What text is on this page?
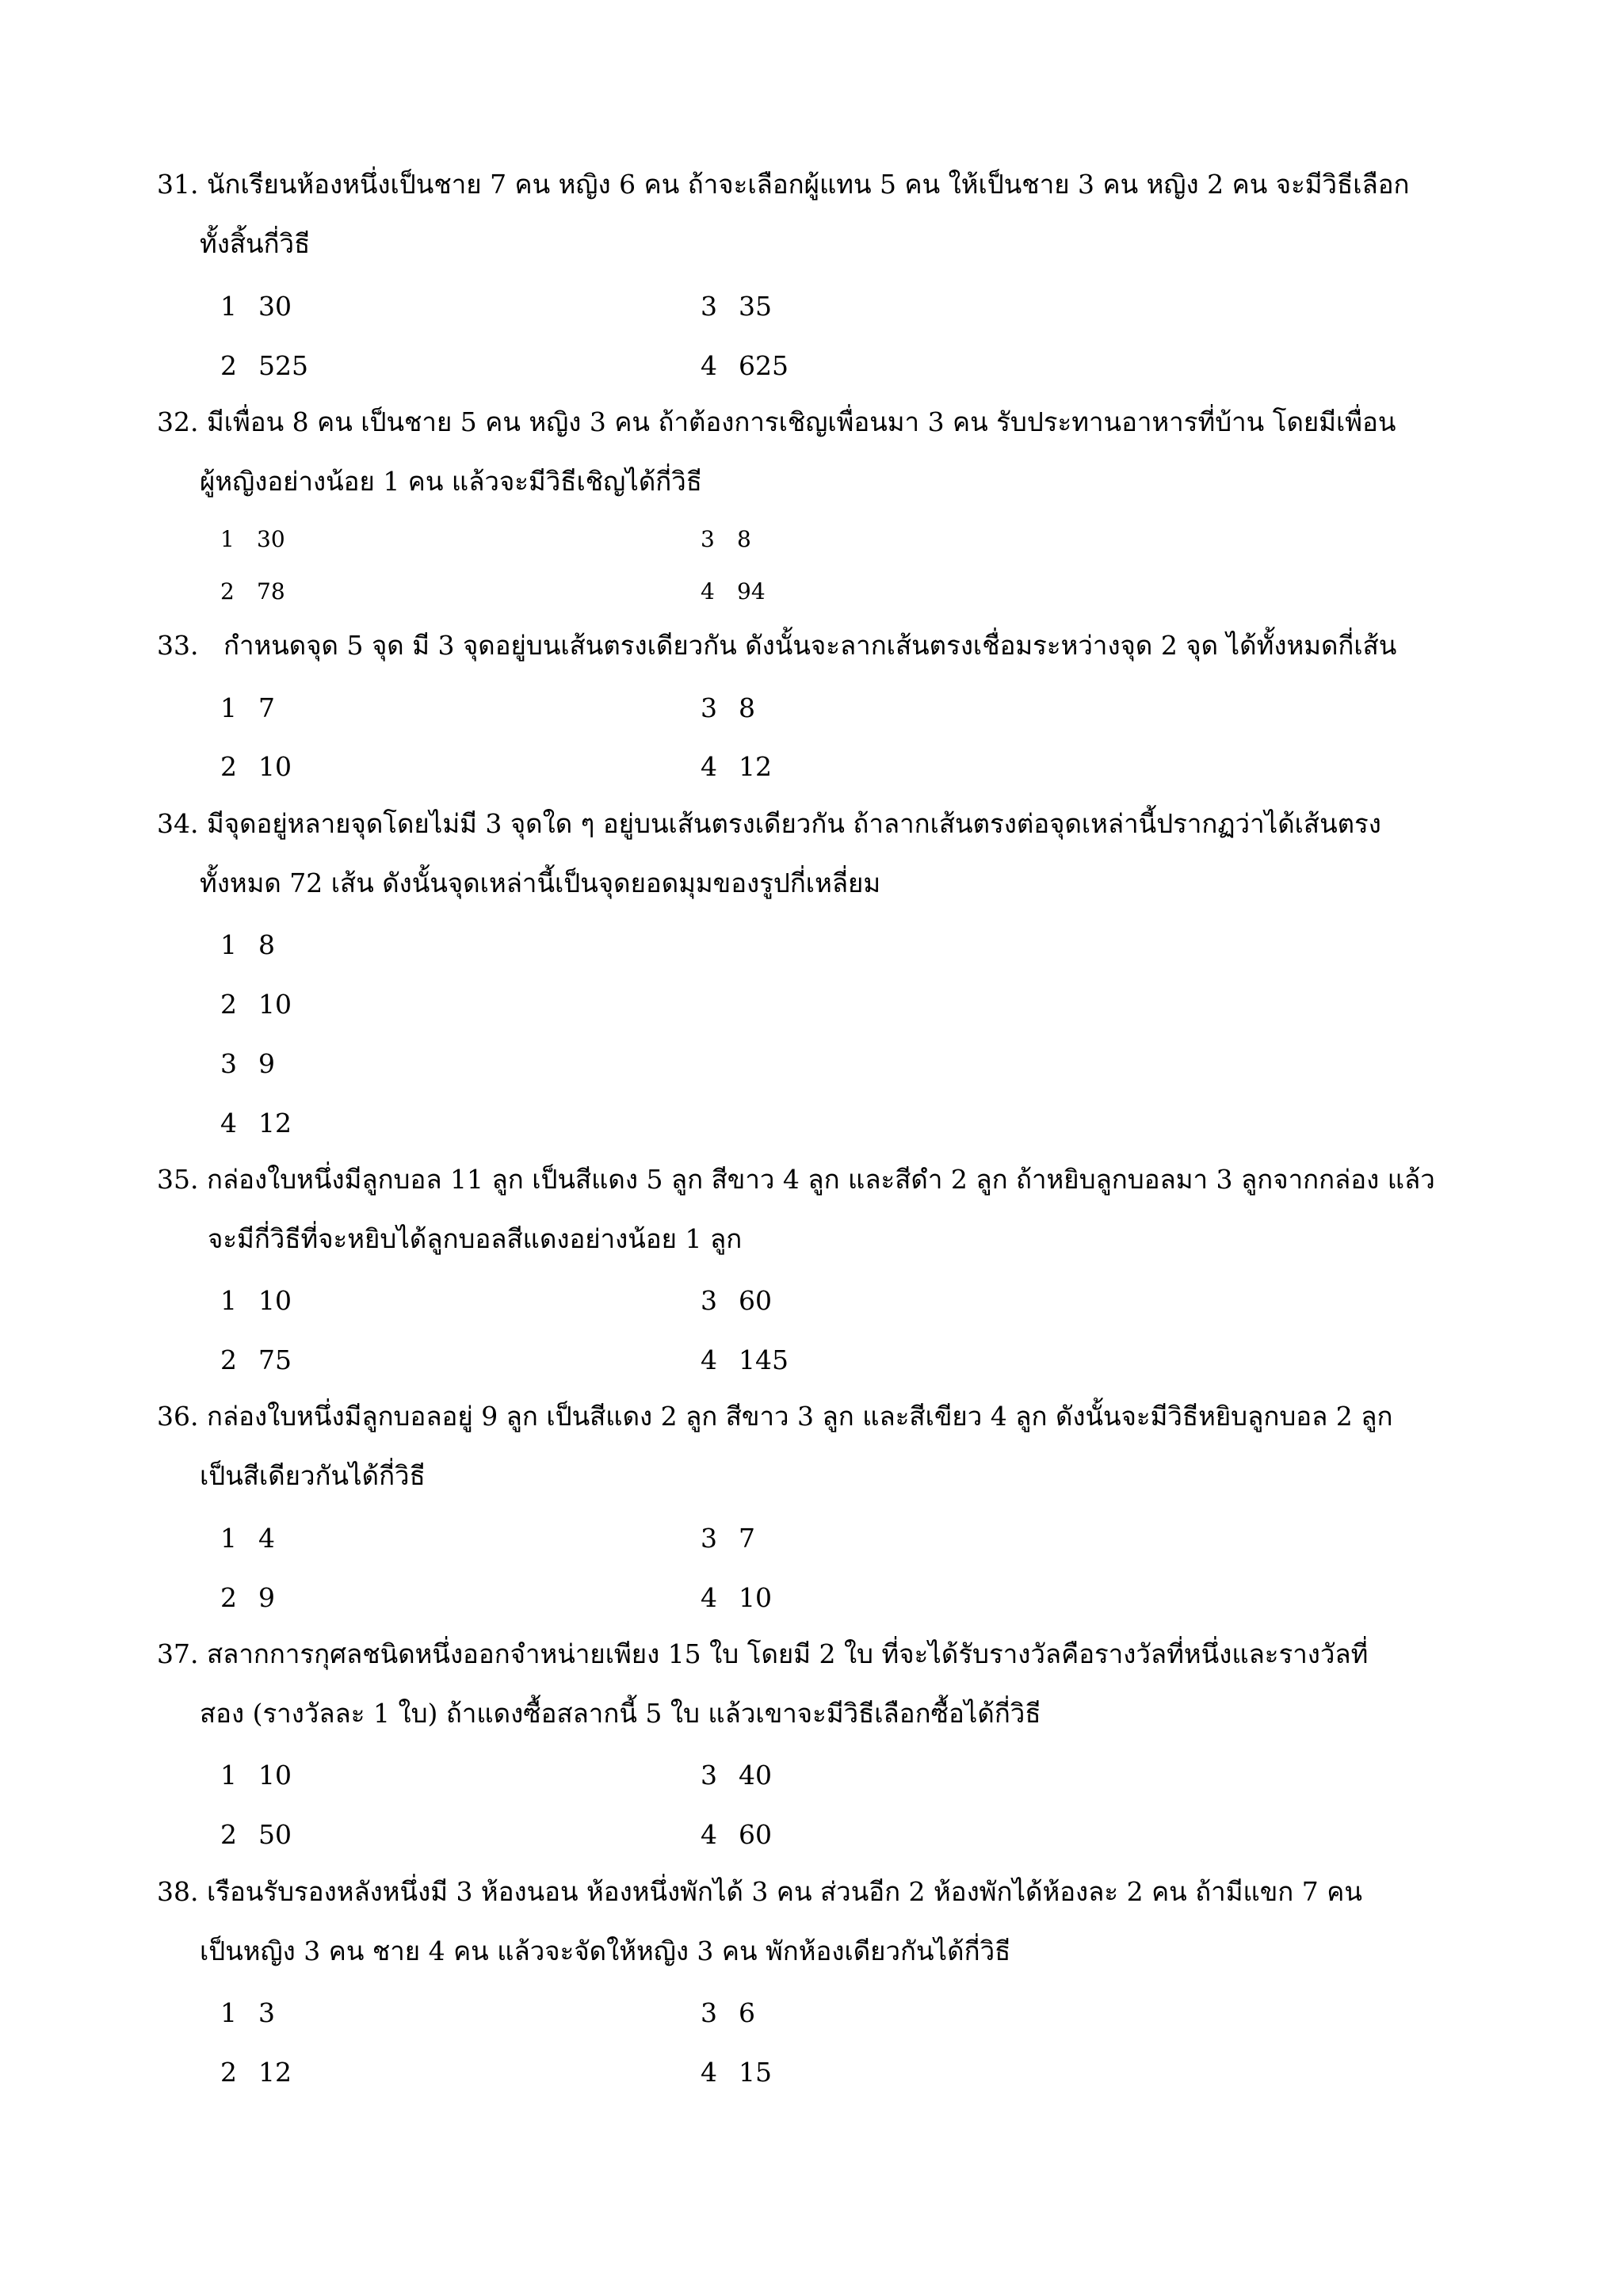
31. นักเรียนห้องหนึ่งเป็นชาย 7 คน หญิง 6 คน ถ้าจะเลือกผู้แทน 5 คน ให้เป็นชาย 3 คน หญิง 2 คน จะมีวิธีเลือก
ทั้งสิ้นกี่วิธี
1 30	3 35
2 525	4 625
32. มีเพื่อน 8 คน เป็นชาย 5 คน หญิง 3 คน ถ้าต้องการเชิญเพื่อนมา 3 คน รับประทานอาหารที่บ้าน โดยมีเพื่อน
ผู้หญิงอย่างน้อย 1 คน แล้วจะมีวิธีเชิญได้กี่วิธี
1 30	3 8
2 78	4 94
33. กำหนดจุด 5 จุด มี 3 จุดอยู่บนเส้นตรงเดียวกัน ดังนั้นจะลากเส้นตรงเชื่อมระหว่างจุด 2 จุด ได้ทั้งหมดกี่เส้น
1 7	3 8
2 10	4 12
34. มีจุดอยู่หลายจุดโดยไม่มี 3 จุดใด ๆ อยู่บนเส้นตรงเดียวกัน ถ้าลากเส้นตรงต่อจุดเหล่านี้ปรากฏว่าได้เส้นตรง
ทั้งหมด 72 เส้น ดังนั้นจุดเหล่านี้เป็นจุดยอดมุมของรูปกี่เหลี่ยม
1 8
2 10
3 9
4 12
35. กล่องใบหนึ่งมีลูกบอล 11 ลูก เป็นสีแดง 5 ลูก สีขาว 4 ลูก และสีดำ 2 ลูก ถ้าหยิบลูกบอลมา 3 ลูกจากกล่อง แล้ว
จะมีกี่วิธีที่จะหยิบได้ลูกบอลสีแดงอย่างน้อย 1 ลูก
1 10	3 60
2 75	4 145
36. กล่องใบหนึ่งมีลูกบอลอยู่ 9 ลูก เป็นสีแดง 2 ลูก สีขาว 3 ลูก และสีเขียว 4 ลูก ดังนั้นจะมีวิธีหยิบลูกบอล 2 ลูก
เป็นสีเดียวกันได้กี่วิธี
1 4	3 7
2 9	4 10
37. สลากการกุศลชนิดหนึ่งออกจำหน่ายเพียง 15 ใบ โดยมี 2 ใบ ที่จะได้รับรางวัลคือรางวัลที่หนึ่งและรางวัลที่
สอง (รางวัลละ 1 ใบ) ถ้าแดงซื้อสลากนี้ 5 ใบ แล้วเขาจะมีวิธีเลือกซื้อได้กี่วิธี
1 10	3 40
2 50	4 60
38. เรือนรับรองหลังหนึ่งมี 3 ห้องนอน ห้องหนึ่งพักได้ 3 คน ส่วนอีก 2 ห้องพักได้ห้องละ 2 คน ถ้ามีแขก 7 คน
เป็นหญิง 3 คน ชาย 4 คน แล้วจะจัดให้หญิง 3 คน พักห้องเดียวกันได้กี่วิธี
1 3	3 6
2 12	4 15
